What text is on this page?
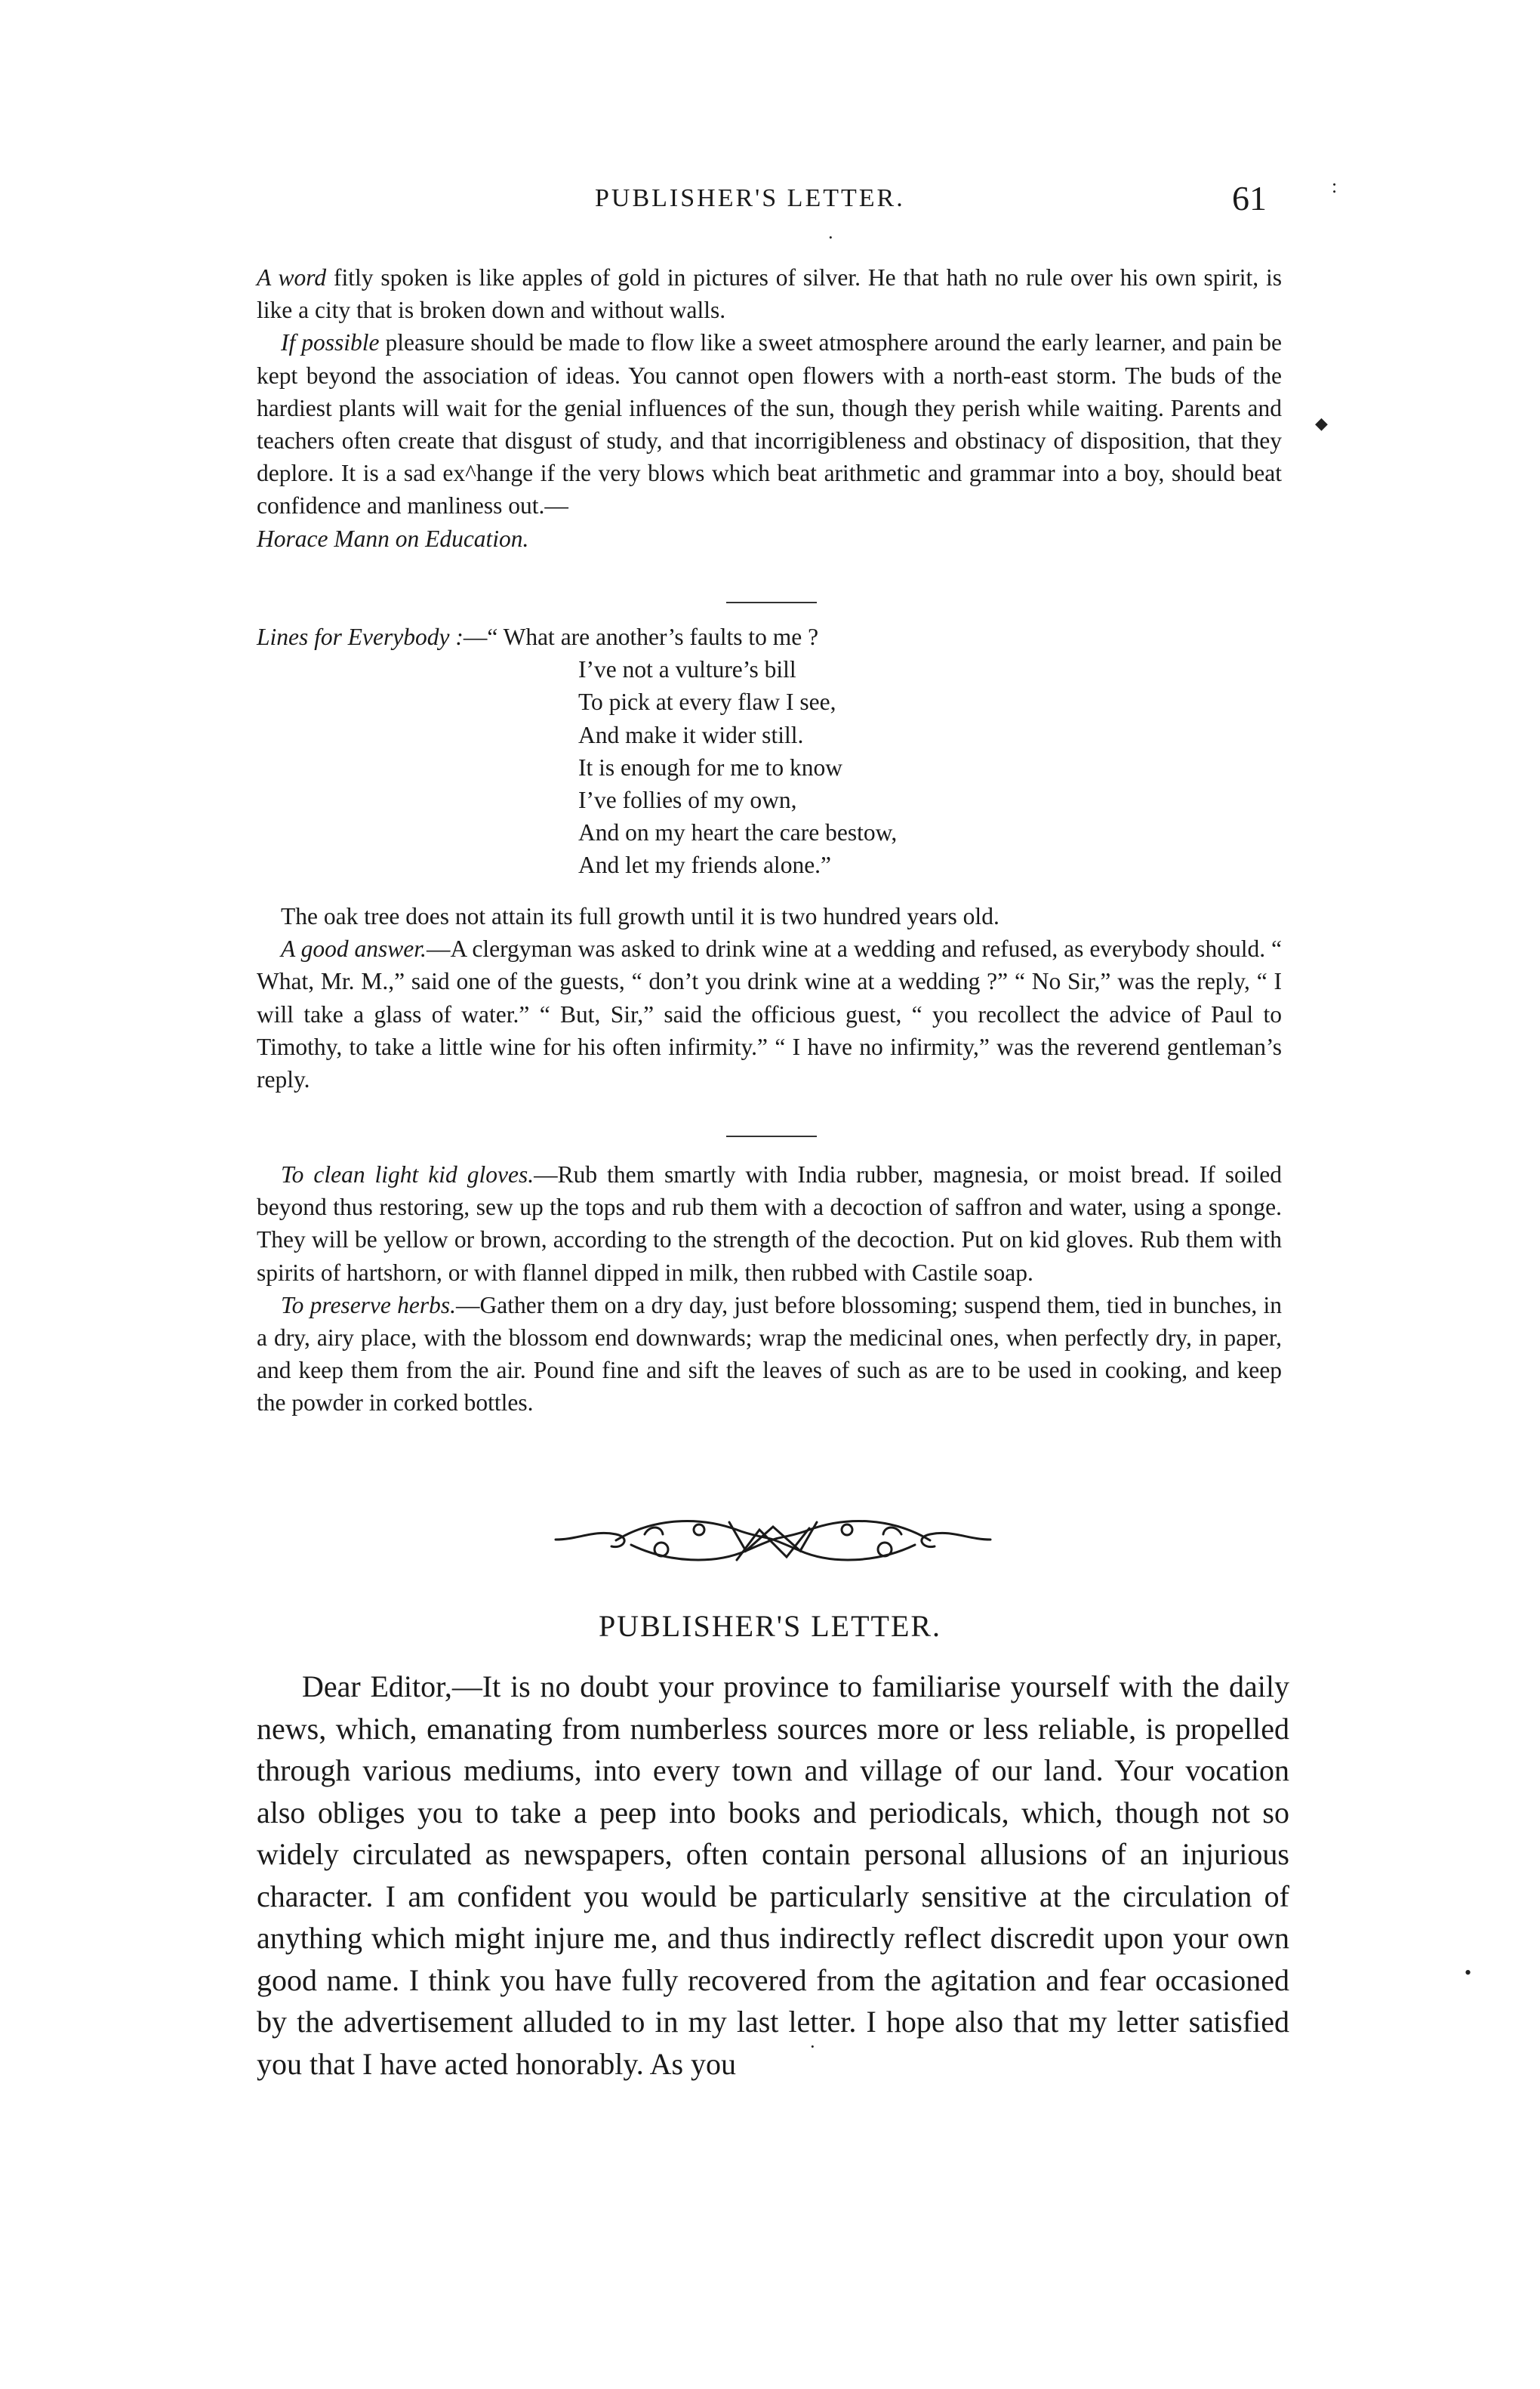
PUBLISHER'S LETTER.	61	:
·
◆
•
·

A word fitly spoken is like apples of gold in pictures of silver. He that hath no rule over his own spirit, is like a city that is broken down and without walls.

If possible pleasure should be made to flow like a sweet atmosphere around the early learner, and pain be kept beyond the association of ideas. You cannot open flowers with a north-east storm. The buds of the hardiest plants will wait for the genial influences of the sun, though they perish while waiting. Parents and teachers often create that disgust of study, and that incorrigibleness and obstinacy of disposition, that they deplore. It is a sad ex^hange if the very blows which beat arithmetic and grammar into a boy, should beat confidence and manliness out.—
Horace Mann on Education.

Lines for Everybody :—“ What are another’s faults to me ?

I’ve not a vulture’s bill
To pick at every flaw I see,
And make it wider still.
It is enough for me to know
I’ve follies of my own,
And on my heart the care bestow,
And let my friends alone.”

The oak tree does not attain its full growth until it is two hundred years old.

A good answer.—A clergyman was asked to drink wine at a wedding and refused, as everybody should. “ What, Mr. M.,” said one of the guests, “ don’t you drink wine at a wedding ?” “ No Sir,” was the reply, “ I will take a glass of water.” “ But, Sir,” said the officious guest, “ you recollect the advice of Paul to Timothy, to take a little wine for his often infirmity.” “ I have no infirmity,” was the reverend gentleman’s reply.

To clean light kid gloves.—Rub them smartly with India rubber, magnesia, or moist bread. If soiled beyond thus restoring, sew up the tops and rub them with a decoction of saffron and water, using a sponge. They will be yellow or brown, according to the strength of the decoction. Put on kid gloves. Rub them with spirits of hartshorn, or with flannel dipped in milk, then rubbed with Castile soap.

To preserve herbs.—Gather them on a dry day, just before blossoming; suspend them, tied in bunches, in a dry, airy place, with the blossom end downwards; wrap the medicinal ones, when perfectly dry, in paper, and keep them from the air. Pound fine and sift the leaves of such as are to be used in cooking, and keep the powder in corked bottles.

PUBLISHER'S LETTER.

Dear Editor,—It is no doubt your province to familiarise yourself with the daily news, which, emanating from numberless sources more or less reliable, is propelled through various mediums, into every town and village of our land. Your vocation also obliges you to take a peep into books and periodicals, which, though not so widely circulated as newspapers, often contain personal allusions of an injurious character. I am confident you would be particularly sensitive at the circulation of anything which might injure me, and thus indirectly reflect discredit upon your own good name. I think you have fully recovered from the agitation and fear occasioned by the advertisement alluded to in my last letter. I hope also that my letter satisfied you that I have acted honorably. As you
